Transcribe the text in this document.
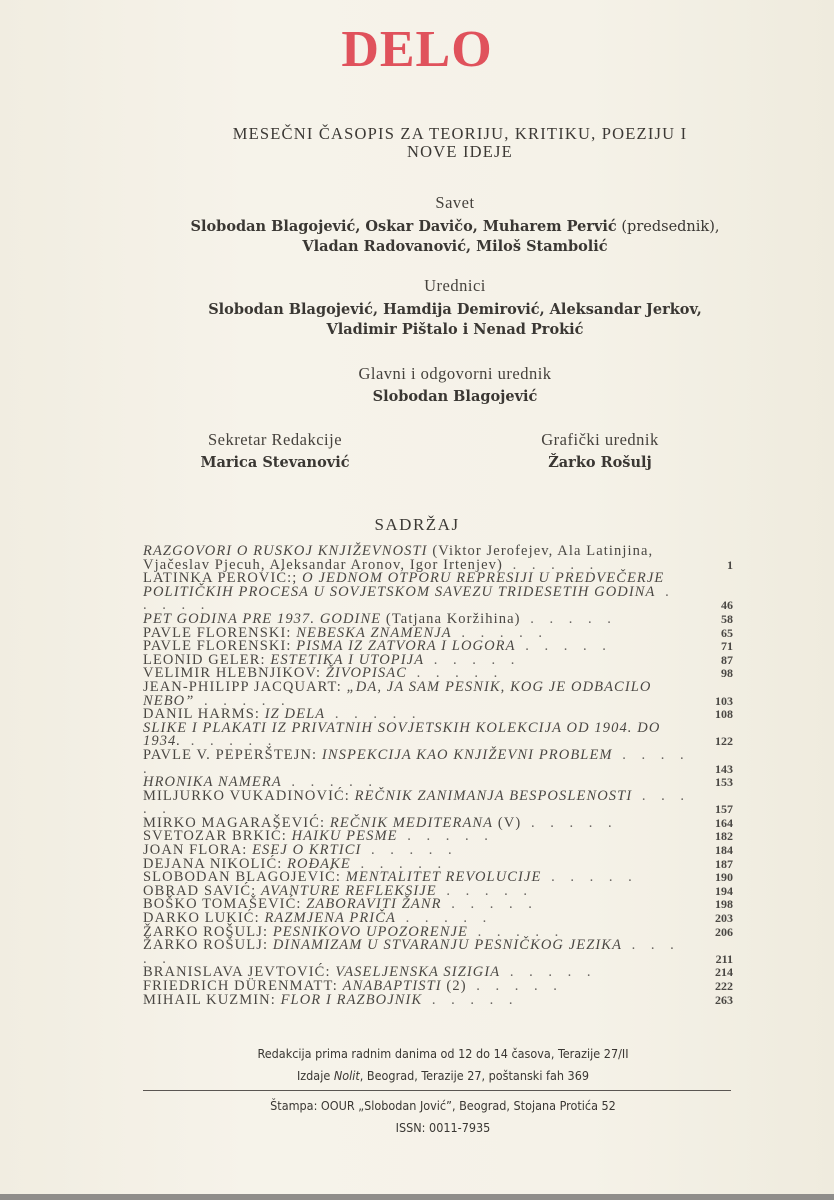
DELO
MESEČNI ČASOPIS ZA TEORIJU, KRITIKU, POEZIJU I
NOVE IDEJE
Savet
Slobodan Blagojević, Oskar Davičo, Muharem Pervić (predsednik),
Vladan Radovanović, Miloš Stambolić
Urednici
Slobodan Blagojević, Hamdija Demirović, Aleksandar Jerkov,
Vladimir Pištalo i Nenad Prokić
Glavni i odgovorni urednik
Slobodan Blagojević
Sekretar Redakcije
Marica Stevanović
Grafički urednik
Žarko Rošulj
SADRŽAJ
RAZGOVORI O RUSKOJ KNJIŽEVNOSTI (Viktor Jerofejev, Ala Latinjina, Vjačeslav Pjecuh, Aleksandar Aronov, Igor Irtenjev) . . . . .	1
LATINKA PEROVIĆ:; O JEDNOM OTPORU REPRESIJI U PREDVEČERJE POLITIČKIH PROCESA U SOVJETSKOM SAVEZU TRIDESETIH GODINA . . . . .	46
PET GODINA PRE 1937. GODINE (Tatjana Koržihina) . . . . .	58
PAVLE FLORENSKI: NEBESKA ZNAMENJA . . . . .	65
PAVLE FLORENSKI: PISMA IZ ZATVORA I LOGORA . . . . .	71
LEONID GELER: ESTETIKA I UTOPIJA . . . . .	87
VELIMIR HLEBNJIKOV: ŽIVOPISAC . . . . .	98
JEAN-PHILIPP JACQUART: „DA, JA SAM PESNIK, KOG JE ODBACILO NEBO” . . . . .	103
DANIL HARMS: IZ DELA . . . . .	108
SLIKE I PLAKATI IZ PRIVATNIH SOVJETSKIH KOLEKCIJA OD 1904. DO 1934. . . . . .	122
PAVLE V. PEPERŠTEJN: INSPEKCIJA KAO KNJIŽEVNI PROBLEM . . . . .	143
HRONIKA NAMERA . . . . .	153
MILJURKO VUKADINOVIĆ: REČNIK ZANIMANJA BESPOSLENOSTI . . . . .	157
MIRKO MAGARAŠEVIĆ: REČNIK MEDITERANA (V) . . . . .	164
SVETOZAR BRKIĆ: HAIKU PESME . . . . .	182
JOAN FLORA: ESEJ O KRTICI . . . . .	184
DEJANA NIKOLIĆ: ROĐAKE . . . . .	187
SLOBODAN BLAGOJEVIĆ: MENTALITET REVOLUCIJE . . . . .	190
OBRAD SAVIĆ: AVANTURE REFLEKSIJE . . . . .	194
BOŠKO TOMAŠEVIĆ: ZABORAVITI ŽANR . . . . .	198
DARKO LUKIĆ: RAZMJENA PRIČA . . . . .	203
ŽARKO ROŠULJ: PESNIKOVO UPOZORENJE . . . . .	206
ŽARKO ROŠULJ: DINAMIZAM U STVARANJU PESNIČKOG JEZIKA . . . . .	211
BRANISLAVA JEVTOVIĆ: VASELJENSKA SIZIGIA . . . . .	214
FRIEDRICH DÜRENMATT: ANABAPTISTI (2) . . . . .	222
MIHAIL KUZMIN: FLOR I RAZBOJNIK . . . . .	263
Redakcija prima radnim danima od 12 do 14 časova, Terazije 27/II
Izdaje Nolit, Beograd, Terazije 27, poštanski fah 369
Štampa: OOUR „Slobodan Jović”, Beograd, Stojana Protića 52
ISSN: 0011-7935
